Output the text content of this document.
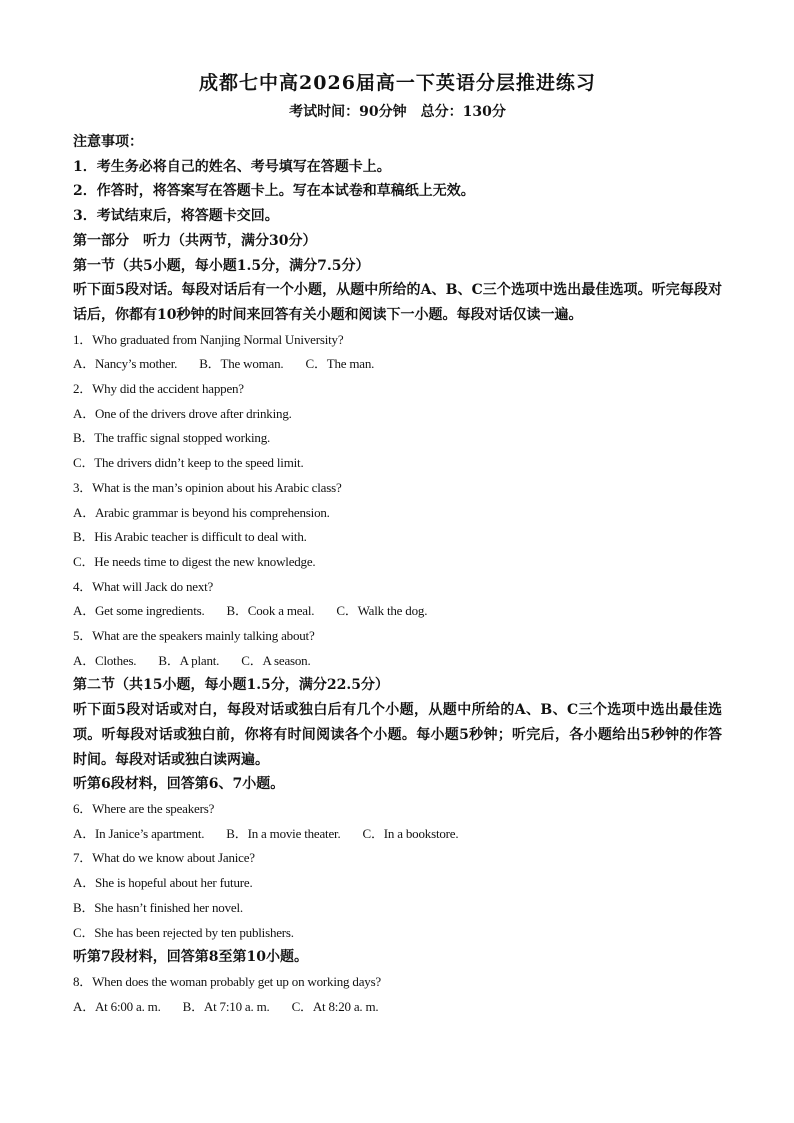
成都七中高2026届高一下英语分层推进练习
考试时间：90分钟　总分：130分

注意事项：

1．考生务必将自己的姓名、考号填写在答题卡上。

2．作答时，将答案写在答题卡上。写在本试卷和草稿纸上无效。

3．考试结束后，将答题卡交回。

第一部分　听力（共两节，满分30分）

第一节（共5小题，每小题1.5分，满分7.5分）

听下面5段对话。每段对话后有一个小题，从题中所给的A、B、C三个选项中选出最佳选项。听完每段对话后，你都有10秒钟的时间来回答有关小题和阅读下一小题。每段对话仅读一遍。

1．Who graduated from Nanjing Normal University?

A．Nancy’s mother. B．The woman. C．The man.

2．Why did the accident happen?

A．One of the drivers drove after drinking.

B．The traffic signal stopped working.

C．The drivers didn’t keep to the speed limit.

3．What is the man’s opinion about his Arabic class?

A．Arabic grammar is beyond his comprehension.

B．His Arabic teacher is difficult to deal with.

C．He needs time to digest the new knowledge.

4．What will Jack do next?

A．Get some ingredients. B．Cook a meal. C．Walk the dog.

5．What are the speakers mainly talking about?

A．Clothes. B．A plant. C．A season.

第二节（共15小题，每小题1.5分，满分22.5分）

听下面5段对话或对白，每段对话或独白后有几个小题，从题中所给的A、B、C三个选项中选出最佳选项。听每段对话或独白前，你将有时间阅读各个小题。每小题5秒钟；听完后，各小题给出5秒钟的作答时间。每段对话或独白读两遍。

听第6段材料，回答第6、7小题。

6．Where are the speakers?

A．In Janice’s apartment. B．In a movie theater. C．In a bookstore.

7．What do we know about Janice?

A．She is hopeful about her future.

B．She hasn’t finished her novel.

C．She has been rejected by ten publishers.

听第7段材料，回答第8至第10小题。

8．When does the woman probably get up on working days?

A．At 6:00 a. m. B．At 7:10 a. m. C．At 8:20 a. m.
